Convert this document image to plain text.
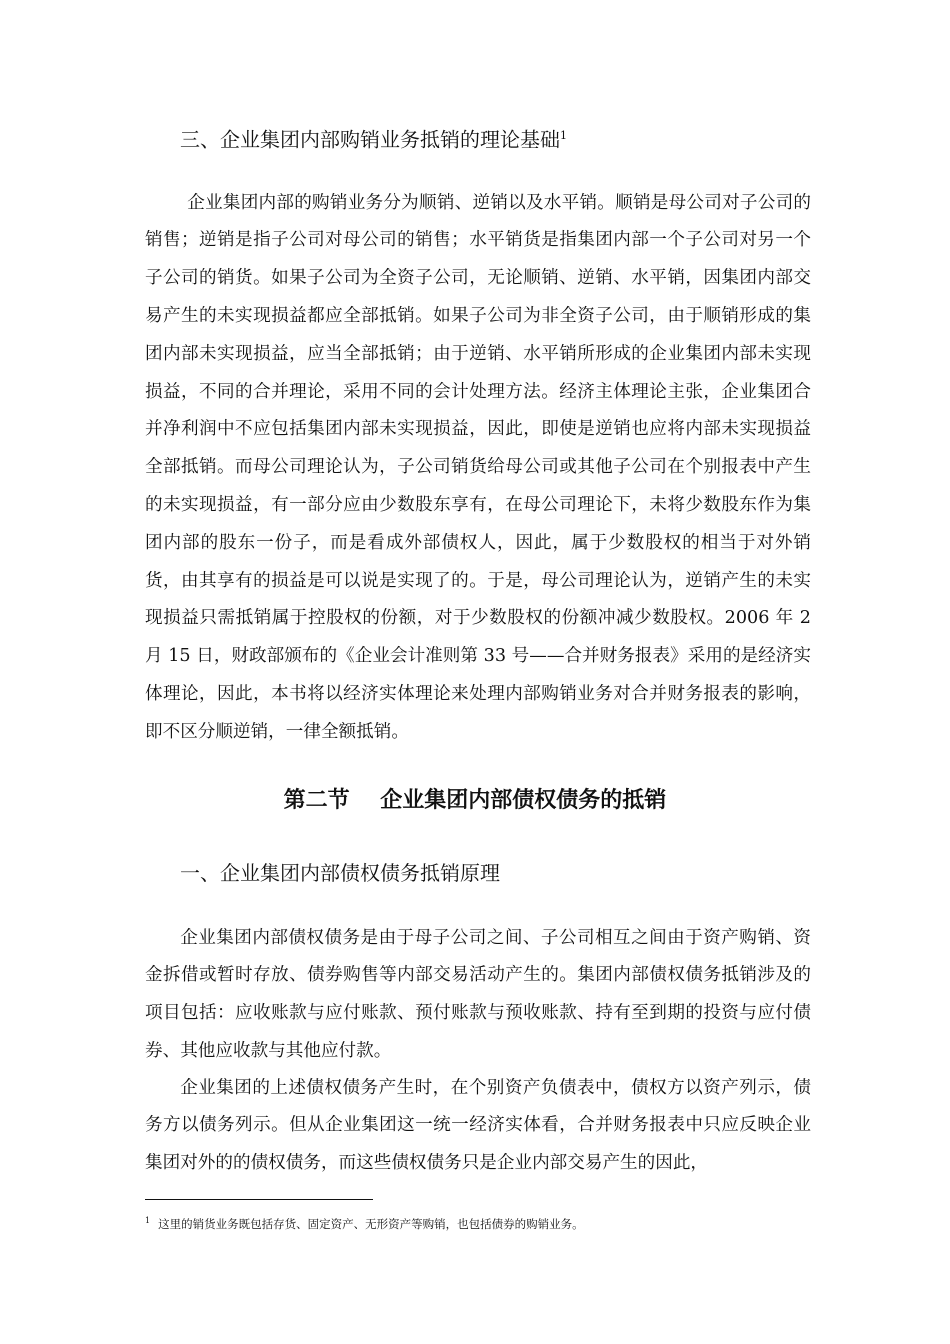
三、企业集团内部购销业务抵销的理论基础$^1$

企业集团内部的购销业务分为顺销、逆销以及水平销。顺销是母公司对子公司的销售；逆销是指子公司对母公司的销售；水平销货是指集团内部一个子公司对另一个子公司的销货。如果子公司为全资子公司，无论顺销、逆销、水平销，因集团内部交易产生的未实现损益都应全部抵销。如果子公司为非全资子公司，由于顺销形成的集团内部未实现损益，应当全部抵销；由于逆销、水平销所形成的企业集团内部未实现损益，不同的合并理论，采用不同的会计处理方法。经济主体理论主张，企业集团合并净利润中不应包括集团内部未实现损益，因此，即使是逆销也应将内部未实现损益全部抵销。而母公司理论认为，子公司销货给母公司或其他子公司在个别报表中产生的未实现损益，有一部分应由少数股东享有，在母公司理论下，未将少数股东作为集团内部的股东一份子，而是看成外部债权人，因此，属于少数股权的相当于对外销货，由其享有的损益是可以说是实现了的。于是，母公司理论认为，逆销产生的未实现损益只需抵销属于控股权的份额，对于少数股权的份额冲减少数股权。2006 年 2 月 15 日，财政部颁布的《企业会计准则第 33 号——合并财务报表》采用的是经济实体理论，因此，本书将以经济实体理论来处理内部购销业务对合并财务报表的影响，即不区分顺逆销，一律全额抵销。

第二节    企业集团内部债权债务的抵销
一、企业集团内部债权债务抵销原理

企业集团内部债权债务是由于母子公司之间、子公司相互之间由于资产购销、资金拆借或暂时存放、债券购售等内部交易活动产生的。集团内部债权债务抵销涉及的项目包括：应收账款与应付账款、预付账款与预收账款、持有至到期的投资与应付债券、其他应收款与其他应付款。

企业集团的上述债权债务产生时，在个别资产负债表中，债权方以资产列示，债务方以债务列示。但从企业集团这一统一经济实体看，合并财务报表中只应反映企业集团对外的的债权债务，而这些债权债务只是企业内部交易产生的因此，

$^1$ 这里的销货业务既包括存货、固定资产、无形资产等购销，也包括债券的购销业务。
